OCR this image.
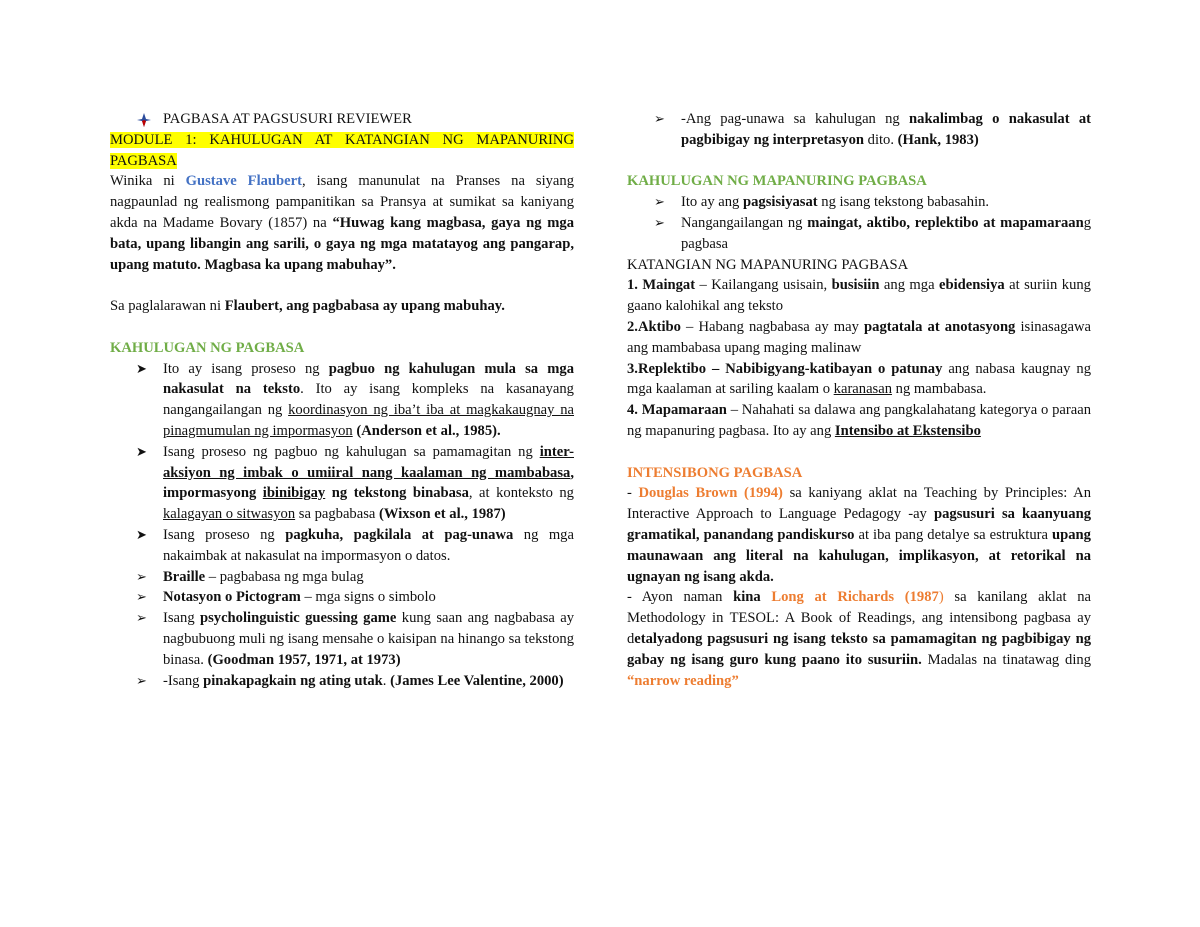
PAGBASA AT PAGSUSURI REVIEWER

MODULE 1: KAHULUGAN AT KATANGIAN NG MAPANURING PAGBASA

Winika ni Gustave Flaubert, isang manunulat na Pranses na siyang nagpaunlad ng realismong pampanitikan sa Pransya at sumikat sa kaniyang akda na Madame Bovary (1857) na “Huwag kang magbasa, gaya ng mga bata, upang libangin ang sarili, o gaya ng mga matatayog ang pangarap, upang matuto. Magbasa ka upang mabuhay”.

Sa paglalarawan ni Flaubert, ang pagbabasa ay upang mabuhay.

KAHULUGAN NG PAGBASA

➤ Ito ay isang proseso ng pagbuo ng kahulugan mula sa mga nakasulat na teksto. Ito ay isang kompleks na kasanayang nangangailangan ng koordinasyon ng iba’t iba at magkakaugnay na pinagmumulan ng impormasyon (Anderson et al., 1985).

➤ Isang proseso ng pagbuo ng kahulugan sa pamamagitan ng inter-aksiyon ng imbak o umiiral nang kaalaman ng mambabasa, impormasyong ibinibigay ng tekstong binabasa, at konteksto ng kalagayan o sitwasyon sa pagbabasa (Wixson et al., 1987)

➤ Isang proseso ng pagkuha, pagkilala at pag-unawa ng mga nakaimbak at nakasulat na impormasyon o datos.

➢ Braille – pagbabasa ng mga bulag

➢ Notasyon o Pictogram – mga signs o simbolo

➢ Isang psycholinguistic guessing game kung saan ang nagbabasa ay nagbubuong muli ng isang mensahe o kaisipan na hinango sa tekstong binasa. (Goodman 1957, 1971, at 1973)

➢ -Isang pinakapagkain ng ating utak. (James Lee Valentine, 2000)

➢ -Ang pag-unawa sa kahulugan ng nakalimbag o nakasulat at pagbibigay ng interpretasyon dito. (Hank, 1983)

KAHULUGAN NG MAPANURING PAGBASA

➢ Ito ay ang pagsisiyasat ng isang tekstong babasahin.

➢ Nangangailangan ng maingat, aktibo, replektibo at mapamaraang pagbasa

KATANGIAN NG MAPANURING PAGBASA

1. Maingat – Kailangang usisain, busisiin ang mga ebidensiya at suriin kung gaano kalohikal ang teksto

2.Aktibo – Habang nagbabasa ay may pagtatala at anotasyong isinasagawa ang mambabasa upang maging malinaw

3.Replektibo – Nabibigyang-katibayan o patunay ang nabasa kaugnay ng mga kaalaman at sariling kaalam o karanasan ng mambabasa.

4. Mapamaraan – Nahahati sa dalawa ang pangkalahatang kategorya o paraan ng mapanuring pagbasa. Ito ay ang Intensibo at Ekstensibo

INTENSIBONG PAGBASA

- Douglas Brown (1994) sa kaniyang aklat na Teaching by Principles: An Interactive Approach to Language Pedagogy -ay pagsusuri sa kaanyuang gramatikal, panandang pandiskurso at iba pang detalye sa estruktura upang maunawaan ang literal na kahulugan, implikasyon, at retorikal na ugnayan ng isang akda.

- Ayon naman kina Long at Richards (1987) sa kanilang aklat na Methodology in TESOL: A Book of Readings, ang intensibong pagbasa ay detalyadong pagsusuri ng isang teksto sa pamamagitan ng pagbibigay ng gabay ng isang guro kung paano ito susuriin. Madalas na tinatawag ding “narrow reading”
